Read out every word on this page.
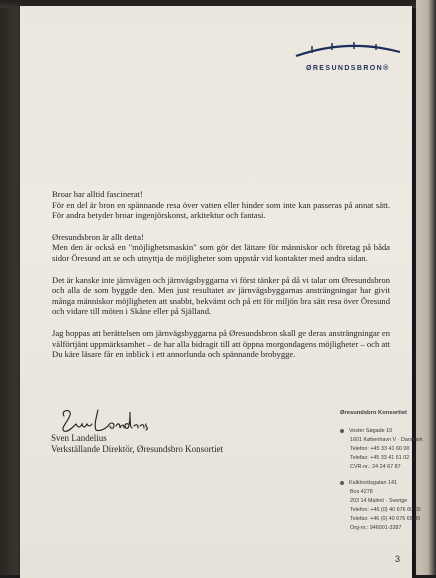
ØRESUNDSBRON®

Broar har alltid fascinerat!
För en del är bron en spännande resa över vatten eller hinder som inte kan passeras på annat sätt. För andra betyder broar ingenjörskonst, arkitektur och fantasi.

Øresundsbron är allt detta!
Men den är också en "möjlighetsmaskin" som gör det lättare för människor och företag på båda sidor Öresund att se och utnyttja de möjligheter som uppstår vid kontakter med andra sidan.

Det är kanske inte järnvägen och järnvägsbyggarna vi först tänker på då vi talar om Øresundsbron och alla de som byggde den. Men just resultatet av järnvägsbyggarnas ansträngningar har givit många människor möjligheten att snabbt, bekvämt och på ett för miljön bra sätt resa över Öresund och vidare till möten i Skåne eller på Själland.

Jag hoppas att berättelsen om järnvägsbyggarna på Øresundsbron skall ge deras ansträngningar en välförtjänt uppmärksamhet – de har alla bidragit till att öppna morgondagens möjligheter – och att Du käre läsare får en inblick i ett annorlunda och spännande brobygge.

Sven Landelius
Verkställande Direktör, Øresundsbro Konsortiet
Øresundsbro Konsortiet
Vester Søgade 10
1601 København V · Danmark
Telefon: +45 33 41 60 00
Telefax: +45 33 41 61 02
CVR-nr.: 24 24 67 87
Kalkbrottsgatan 141
Box 4278
203 14 Malmö · Sverige
Telefon: +46 (0) 40 676 60 00
Telefax: +46 (0) 40 676 65 80
Org-nr.: 946001-3387
3
